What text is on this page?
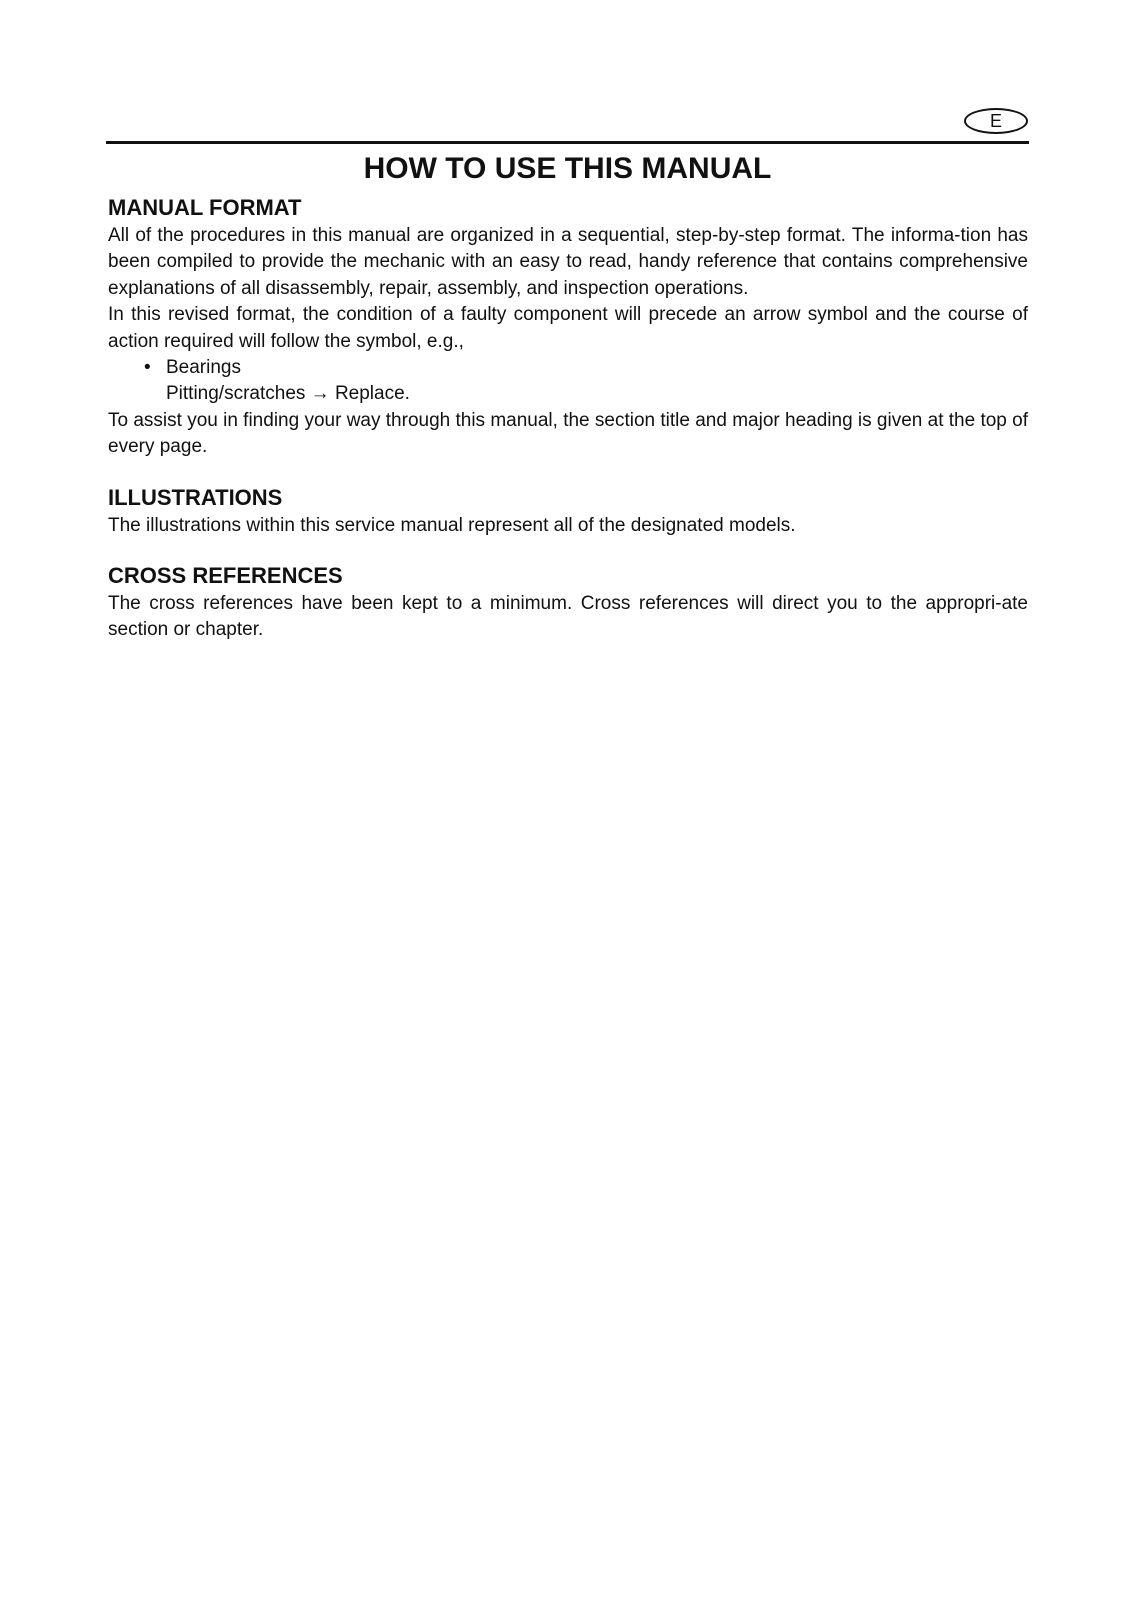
E
HOW TO USE THIS MANUAL
MANUAL FORMAT

All of the procedures in this manual are organized in a sequential, step-by-step format. The informa-tion has been compiled to provide the mechanic with an easy to read, handy reference that contains comprehensive explanations of all disassembly, repair, assembly, and inspection operations.

In this revised format, the condition of a faulty component will precede an arrow symbol and the course of action required will follow the symbol, e.g.,

• Bearings
Pitting/scratches → Replace.

To assist you in finding your way through this manual, the section title and major heading is given at the top of every page.

ILLUSTRATIONS

The illustrations within this service manual represent all of the designated models.

CROSS REFERENCES

The cross references have been kept to a minimum. Cross references will direct you to the appropri-ate section or chapter.
